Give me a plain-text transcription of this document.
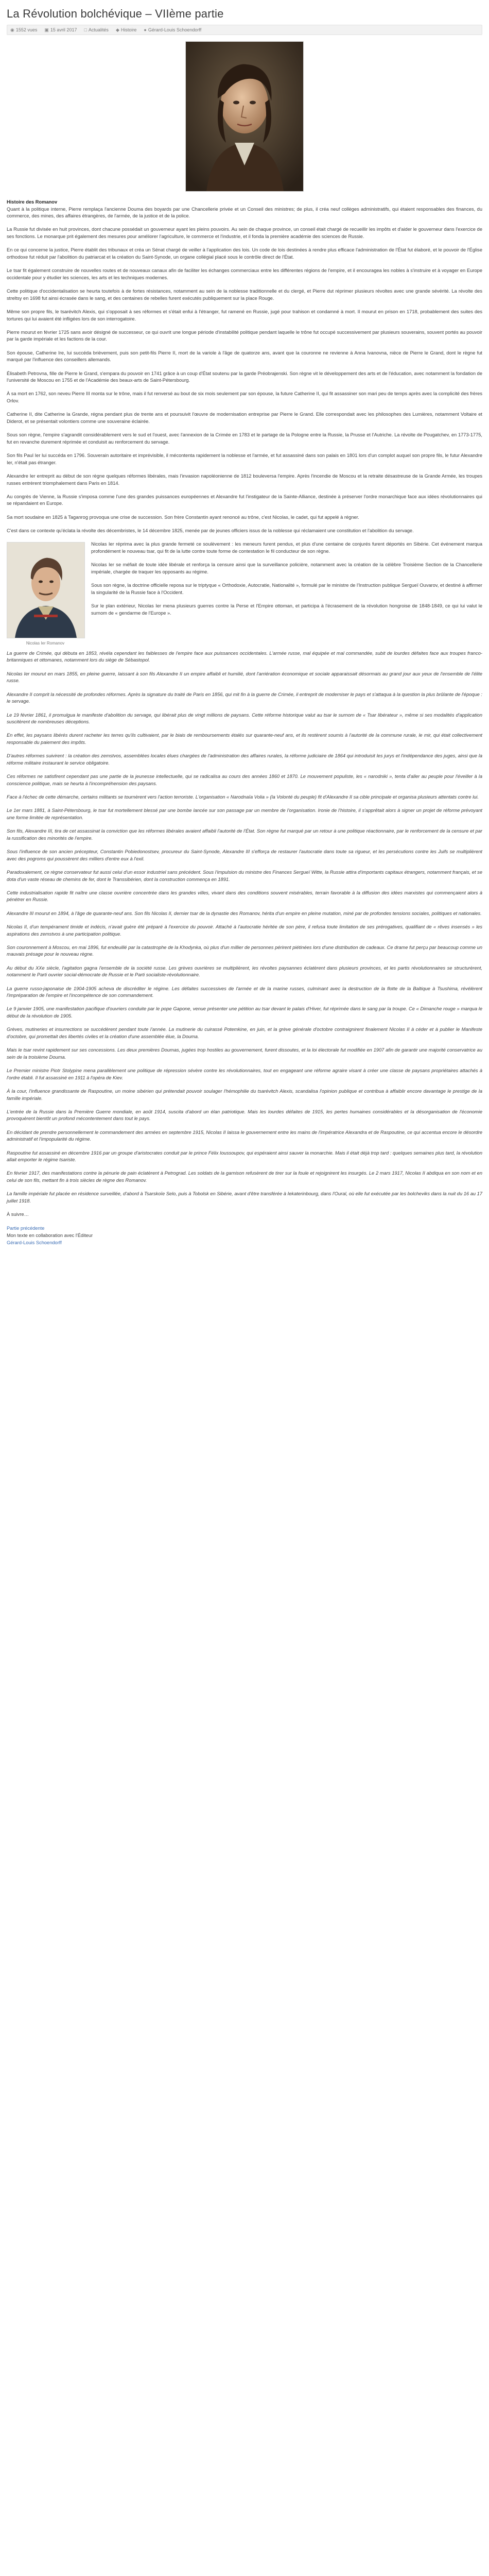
La Révolution bolchévique – VIIème partie
◉ 1552 vues ▣ 15 avril 2017 □ Actualités ◆ Histoire ● Gérard-Louis Schoendorff
Histoire des Romanov

Quant à la politique interne, Pierre remplaça l'ancienne Douma des boyards par une Chancellerie privée et un Conseil des ministres; de plus, il créa neuf collèges administratifs, qui étaient responsables des finances, du commerce, des mines, des affaires étrangères, de l'armée, de la justice et de la police.

La Russie fut divisée en huit provinces, dont chacune possédait un gouverneur ayant les pleins pouvoirs. Au sein de chaque province, un conseil était chargé de recueillir les impôts et d'aider le gouverneur dans l'exercice de ses fonctions. Le monarque prit également des mesures pour améliorer l'agriculture, le commerce et l'industrie, et il fonda la première académie des sciences de Russie.

En ce qui concerne la justice, Pierre établit des tribunaux et créa un Sénat chargé de veiller à l'application des lois. Un code de lois destinées à rendre plus efficace l'administration de l'État fut élaboré, et le pouvoir de l'Église orthodoxe fut réduit par l'abolition du patriarcat et la création du Saint-Synode, un organe collégial placé sous le contrôle direct de l'État.

Le tsar fit également construire de nouvelles routes et de nouveaux canaux afin de faciliter les échanges commerciaux entre les différentes régions de l'empire, et il encouragea les nobles à s'instruire et à voyager en Europe occidentale pour y étudier les sciences, les arts et les techniques modernes.

Cette politique d'occidentalisation se heurta toutefois à de fortes résistances, notamment au sein de la noblesse traditionnelle et du clergé, et Pierre dut réprimer plusieurs révoltes avec une grande sévérité. La révolte des streltsy en 1698 fut ainsi écrasée dans le sang, et des centaines de rebelles furent exécutés publiquement sur la place Rouge.

Même son propre fils, le tsarévitch Alexis, qui s'opposait à ses réformes et s'était enfui à l'étranger, fut ramené en Russie, jugé pour trahison et condamné à mort. Il mourut en prison en 1718, probablement des suites des tortures qui lui avaient été infligées lors de son interrogatoire.

Pierre mourut en février 1725 sans avoir désigné de successeur, ce qui ouvrit une longue période d'instabilité politique pendant laquelle le trône fut occupé successivement par plusieurs souverains, souvent portés au pouvoir par la garde impériale et les factions de la cour.

Son épouse, Catherine Ire, lui succéda brièvement, puis son petit-fils Pierre II, mort de la variole à l'âge de quatorze ans, avant que la couronne ne revienne à Anna Ivanovna, nièce de Pierre le Grand, dont le règne fut marqué par l'influence des conseillers allemands.

Élisabeth Petrovna, fille de Pierre le Grand, s'empara du pouvoir en 1741 grâce à un coup d'État soutenu par la garde Préobrajenski. Son règne vit le développement des arts et de l'éducation, avec notamment la fondation de l'université de Moscou en 1755 et de l'Académie des beaux-arts de Saint-Pétersbourg.

À sa mort en 1762, son neveu Pierre III monta sur le trône, mais il fut renversé au bout de six mois seulement par son épouse, la future Catherine II, qui fit assassiner son mari peu de temps après avec la complicité des frères Orlov.

Catherine II, dite Catherine la Grande, régna pendant plus de trente ans et poursuivit l'œuvre de modernisation entreprise par Pierre le Grand. Elle correspondait avec les philosophes des Lumières, notamment Voltaire et Diderot, et se présentait volontiers comme une souveraine éclairée.

Sous son règne, l'empire s'agrandit considérablement vers le sud et l'ouest, avec l'annexion de la Crimée en 1783 et le partage de la Pologne entre la Russie, la Prusse et l'Autriche. La révolte de Pougatchev, en 1773-1775, fut en revanche durement réprimée et conduisit au renforcement du servage.

Son fils Paul Ier lui succéda en 1796. Souverain autoritaire et imprévisible, il mécontenta rapidement la noblesse et l'armée, et fut assassiné dans son palais en 1801 lors d'un complot auquel son propre fils, le futur Alexandre Ier, n'était pas étranger.

Alexandre Ier entreprit au début de son règne quelques réformes libérales, mais l'invasion napoléonienne de 1812 bouleversa l'empire. Après l'incendie de Moscou et la retraite désastreuse de la Grande Armée, les troupes russes entrèrent triomphalement dans Paris en 1814.

Au congrès de Vienne, la Russie s'imposa comme l'une des grandes puissances européennes et Alexandre fut l'instigateur de la Sainte-Alliance, destinée à préserver l'ordre monarchique face aux idées révolutionnaires qui se répandaient en Europe.

Sa mort soudaine en 1825 à Taganrog provoqua une crise de succession. Son frère Constantin ayant renoncé au trône, c'est Nicolas, le cadet, qui fut appelé à régner.

C'est dans ce contexte qu'éclata la révolte des décembristes, le 14 décembre 1825, menée par de jeunes officiers issus de la noblesse qui réclamaient une constitution et l'abolition du servage.

Nicolas Ier Romanov

Nicolas Ier réprima avec la plus grande fermeté ce soulèvement : les meneurs furent pendus, et plus d'une centaine de conjurés furent déportés en Sibérie. Cet événement marqua profondément le nouveau tsar, qui fit de la lutte contre toute forme de contestation le fil conducteur de son règne.

Nicolas Ier se méfiait de toute idée libérale et renforça la censure ainsi que la surveillance policière, notamment avec la création de la célèbre Troisième Section de la Chancellerie impériale, chargée de traquer les opposants au régime.

Sous son règne, la doctrine officielle reposa sur le triptyque « Orthodoxie, Autocratie, Nationalité », formulé par le ministre de l'Instruction publique Sergueï Ouvarov, et destiné à affirmer la singularité de la Russie face à l'Occident.

Sur le plan extérieur, Nicolas Ier mena plusieurs guerres contre la Perse et l'Empire ottoman, et participa à l'écrasement de la révolution hongroise de 1848-1849, ce qui lui valut le surnom de « gendarme de l'Europe ».

La guerre de Crimée, qui débuta en 1853, révéla cependant les faiblesses de l'empire face aux puissances occidentales. L'armée russe, mal équipée et mal commandée, subit de lourdes défaites face aux troupes franco-britanniques et ottomanes, notamment lors du siège de Sébastopol.

Nicolas Ier mourut en mars 1855, en pleine guerre, laissant à son fils Alexandre II un empire affaibli et humilié, dont l'arriération économique et sociale apparaissait désormais au grand jour aux yeux de l'ensemble de l'élite russe.

Alexandre II comprit la nécessité de profondes réformes. Après la signature du traité de Paris en 1856, qui mit fin à la guerre de Crimée, il entreprit de moderniser le pays et s'attaqua à la question la plus brûlante de l'époque : le servage.

Le 19 février 1861, il promulgua le manifeste d'abolition du servage, qui libérait plus de vingt millions de paysans. Cette réforme historique valut au tsar le surnom de « Tsar libérateur », même si ses modalités d'application suscitèrent de nombreuses déceptions.

En effet, les paysans libérés durent racheter les terres qu'ils cultivaient, par le biais de remboursements étalés sur quarante-neuf ans, et ils restèrent soumis à l'autorité de la commune rurale, le mir, qui était collectivement responsable du paiement des impôts.

D'autres réformes suivirent : la création des zemstvos, assemblées locales élues chargées de l'administration des affaires rurales, la réforme judiciaire de 1864 qui introduisit les jurys et l'indépendance des juges, ainsi que la réforme militaire instaurant le service obligatoire.

Ces réformes ne satisfirent cependant pas une partie de la jeunesse intellectuelle, qui se radicalisa au cours des années 1860 et 1870. Le mouvement populiste, les « narodniki », tenta d'aller au peuple pour l'éveiller à la conscience politique, mais se heurta à l'incompréhension des paysans.

Face à l'échec de cette démarche, certains militants se tournèrent vers l'action terroriste. L'organisation « Narodnaïa Volia » (la Volonté du peuple) fit d'Alexandre II sa cible principale et organisa plusieurs attentats contre lui.

Le 1er mars 1881, à Saint-Pétersbourg, le tsar fut mortellement blessé par une bombe lancée sur son passage par un membre de l'organisation. Ironie de l'histoire, il s'apprêtait alors à signer un projet de réforme prévoyant une forme limitée de représentation.

Son fils, Alexandre III, tira de cet assassinat la conviction que les réformes libérales avaient affaibli l'autorité de l'État. Son règne fut marqué par un retour à une politique réactionnaire, par le renforcement de la censure et par la russification des minorités de l'empire.

Sous l'influence de son ancien précepteur, Constantin Pobiedonostsev, procureur du Saint-Synode, Alexandre III s'efforça de restaurer l'autocratie dans toute sa rigueur, et les persécutions contre les Juifs se multiplièrent avec des pogroms qui poussèrent des milliers d'entre eux à l'exil.

Paradoxalement, ce règne conservateur fut aussi celui d'un essor industriel sans précédent. Sous l'impulsion du ministre des Finances Sergueï Witte, la Russie attira d'importants capitaux étrangers, notamment français, et se dota d'un vaste réseau de chemins de fer, dont le Transsibérien, dont la construction commença en 1891.

Cette industrialisation rapide fit naître une classe ouvrière concentrée dans les grandes villes, vivant dans des conditions souvent misérables, terrain favorable à la diffusion des idées marxistes qui commençaient alors à pénétrer en Russie.

Alexandre III mourut en 1894, à l'âge de quarante-neuf ans. Son fils Nicolas II, dernier tsar de la dynastie des Romanov, hérita d'un empire en pleine mutation, miné par de profondes tensions sociales, politiques et nationales.

Nicolas II, d'un tempérament timide et indécis, n'avait guère été préparé à l'exercice du pouvoir. Attaché à l'autocratie héritée de son père, il refusa toute limitation de ses prérogatives, qualifiant de « rêves insensés » les aspirations des zemstvos à une participation politique.

Son couronnement à Moscou, en mai 1896, fut endeuillé par la catastrophe de la Khodynka, où plus d'un millier de personnes périrent piétinées lors d'une distribution de cadeaux. Ce drame fut perçu par beaucoup comme un mauvais présage pour le nouveau règne.

Au début du XXe siècle, l'agitation gagna l'ensemble de la société russe. Les grèves ouvrières se multiplièrent, les révoltes paysannes éclatèrent dans plusieurs provinces, et les partis révolutionnaires se structurèrent, notamment le Parti ouvrier social-démocrate de Russie et le Parti socialiste-révolutionnaire.

La guerre russo-japonaise de 1904-1905 acheva de discréditer le régime. Les défaites successives de l'armée et de la marine russes, culminant avec la destruction de la flotte de la Baltique à Tsushima, révélèrent l'impréparation de l'empire et l'incompétence de son commandement.

Le 9 janvier 1905, une manifestation pacifique d'ouvriers conduite par le pope Gapone, venue présenter une pétition au tsar devant le palais d'Hiver, fut réprimée dans le sang par la troupe. Ce « Dimanche rouge » marqua le début de la révolution de 1905.

Grèves, mutineries et insurrections se succédèrent pendant toute l'année. La mutinerie du cuirassé Potemkine, en juin, et la grève générale d'octobre contraignirent finalement Nicolas II à céder et à publier le Manifeste d'octobre, qui promettait des libertés civiles et la création d'une assemblée élue, la Douma.

Mais le tsar revint rapidement sur ses concessions. Les deux premières Doumas, jugées trop hostiles au gouvernement, furent dissoutes, et la loi électorale fut modifiée en 1907 afin de garantir une majorité conservatrice au sein de la troisième Douma.

Le Premier ministre Piotr Stolypine mena parallèlement une politique de répression sévère contre les révolutionnaires, tout en engageant une réforme agraire visant à créer une classe de paysans propriétaires attachés à l'ordre établi. Il fut assassiné en 1911 à l'opéra de Kiev.

À la cour, l'influence grandissante de Raspoutine, un moine sibérien qui prétendait pouvoir soulager l'hémophilie du tsarévitch Alexis, scandalisa l'opinion publique et contribua à affaiblir encore davantage le prestige de la famille impériale.

L'entrée de la Russie dans la Première Guerre mondiale, en août 1914, suscita d'abord un élan patriotique. Mais les lourdes défaites de 1915, les pertes humaines considérables et la désorganisation de l'économie provoquèrent bientôt un profond mécontentement dans tout le pays.

En décidant de prendre personnellement le commandement des armées en septembre 1915, Nicolas II laissa le gouvernement entre les mains de l'impératrice Alexandra et de Raspoutine, ce qui accentua encore le désordre administratif et l'impopularité du régime.

Raspoutine fut assassiné en décembre 1916 par un groupe d'aristocrates conduit par le prince Félix Ioussoupov, qui espéraient ainsi sauver la monarchie. Mais il était déjà trop tard : quelques semaines plus tard, la révolution allait emporter le régime tsariste.

En février 1917, des manifestations contre la pénurie de pain éclatèrent à Petrograd. Les soldats de la garnison refusèrent de tirer sur la foule et rejoignirent les insurgés. Le 2 mars 1917, Nicolas II abdiqua en son nom et en celui de son fils, mettant fin à trois siècles de règne des Romanov.

La famille impériale fut placée en résidence surveillée, d'abord à Tsarskoïe Selo, puis à Tobolsk en Sibérie, avant d'être transférée à Iekaterinbourg, dans l'Oural, où elle fut exécutée par les bolcheviks dans la nuit du 16 au 17 juillet 1918.

À suivre…

Partie précédente
Mon texte en collaboration avec l'Éditeur
Gérard-Louis Schoendorff
